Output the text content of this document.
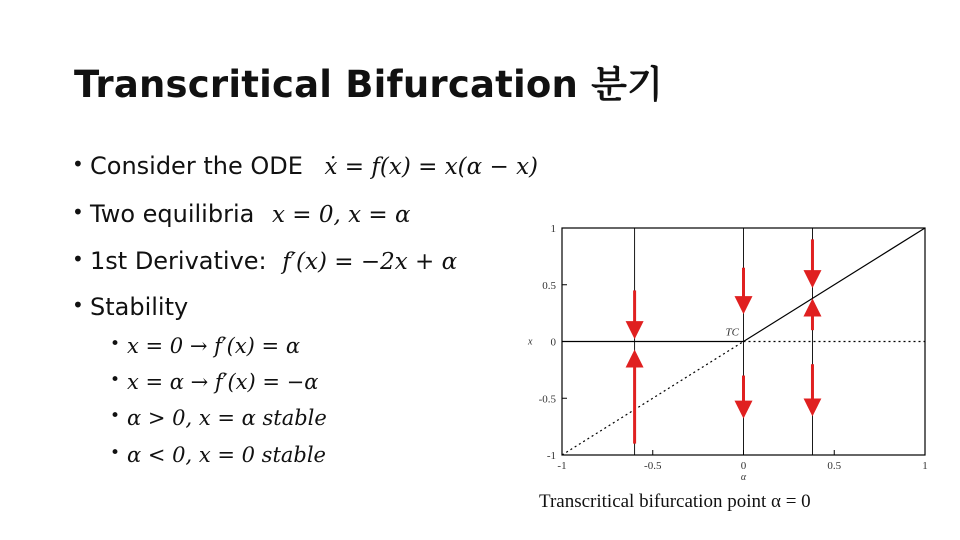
Transcritical Bifurcation 분기
• Consider the ODE ẋ = f(x) = x(α − x)
• Two equilibria x = 0, x = α
• 1st Derivative: f′(x) = −2x + α
• Stability
• x = 0 → f′(x) = α
• x = α → f′(x) = −α
• α > 0, x = α stable
• α < 0, x = 0 stable	-1	-0.5	0	0.5	1
1
0.5
0
-0.5
-1
α
x
TC
Transcritical bifurcation point α = 0
